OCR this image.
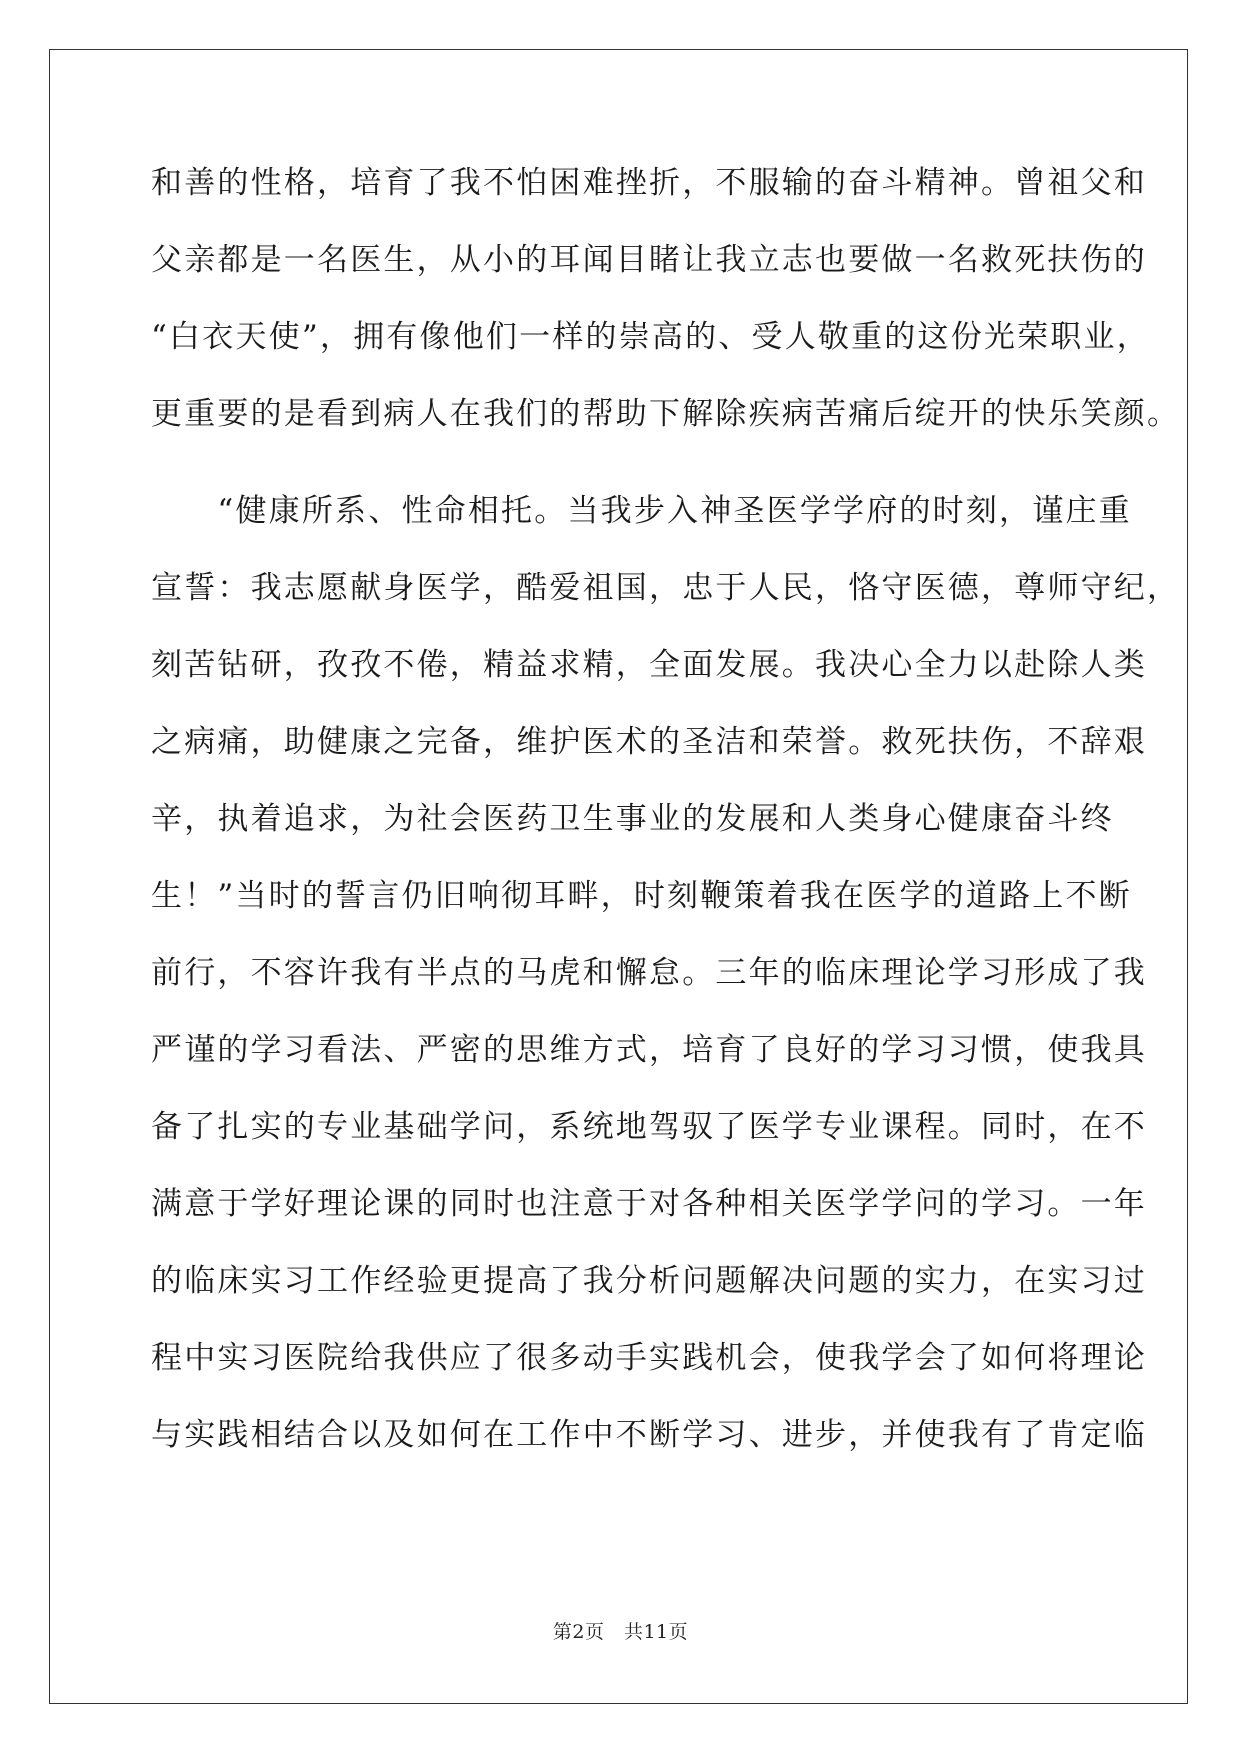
和善的性格，培育了我不怕困难挫折，不服输的奋斗精神。曾祖父和
父亲都是一名医生，从小的耳闻目睹让我立志也要做一名救死扶伤的
“白衣天使”，拥有像他们一样的崇高的、受人敬重的这份光荣职业，
更重要的是看到病人在我们的帮助下解除疾病苦痛后绽开的快乐笑颜。
　　“健康所系、性命相托。当我步入神圣医学学府的时刻，谨庄重
宣誓：我志愿献身医学，酷爱祖国，忠于人民，恪守医德，尊师守纪，
刻苦钻研，孜孜不倦，精益求精，全面发展。我决心全力以赴除人类
之病痛，助健康之完备，维护医术的圣洁和荣誉。救死扶伤，不辞艰
辛，执着追求，为社会医药卫生事业的发展和人类身心健康奋斗终
生！”当时的誓言仍旧响彻耳畔，时刻鞭策着我在医学的道路上不断
前行，不容许我有半点的马虎和懈怠。三年的临床理论学习形成了我
严谨的学习看法、严密的思维方式，培育了良好的学习习惯，使我具
备了扎实的专业基础学问，系统地驾驭了医学专业课程。同时，在不
满意于学好理论课的同时也注意于对各种相关医学学问的学习。一年
的临床实习工作经验更提高了我分析问题解决问题的实力，在实习过
程中实习医院给我供应了很多动手实践机会，使我学会了如何将理论
与实践相结合以及如何在工作中不断学习、进步，并使我有了肯定临
第2页　共11页
